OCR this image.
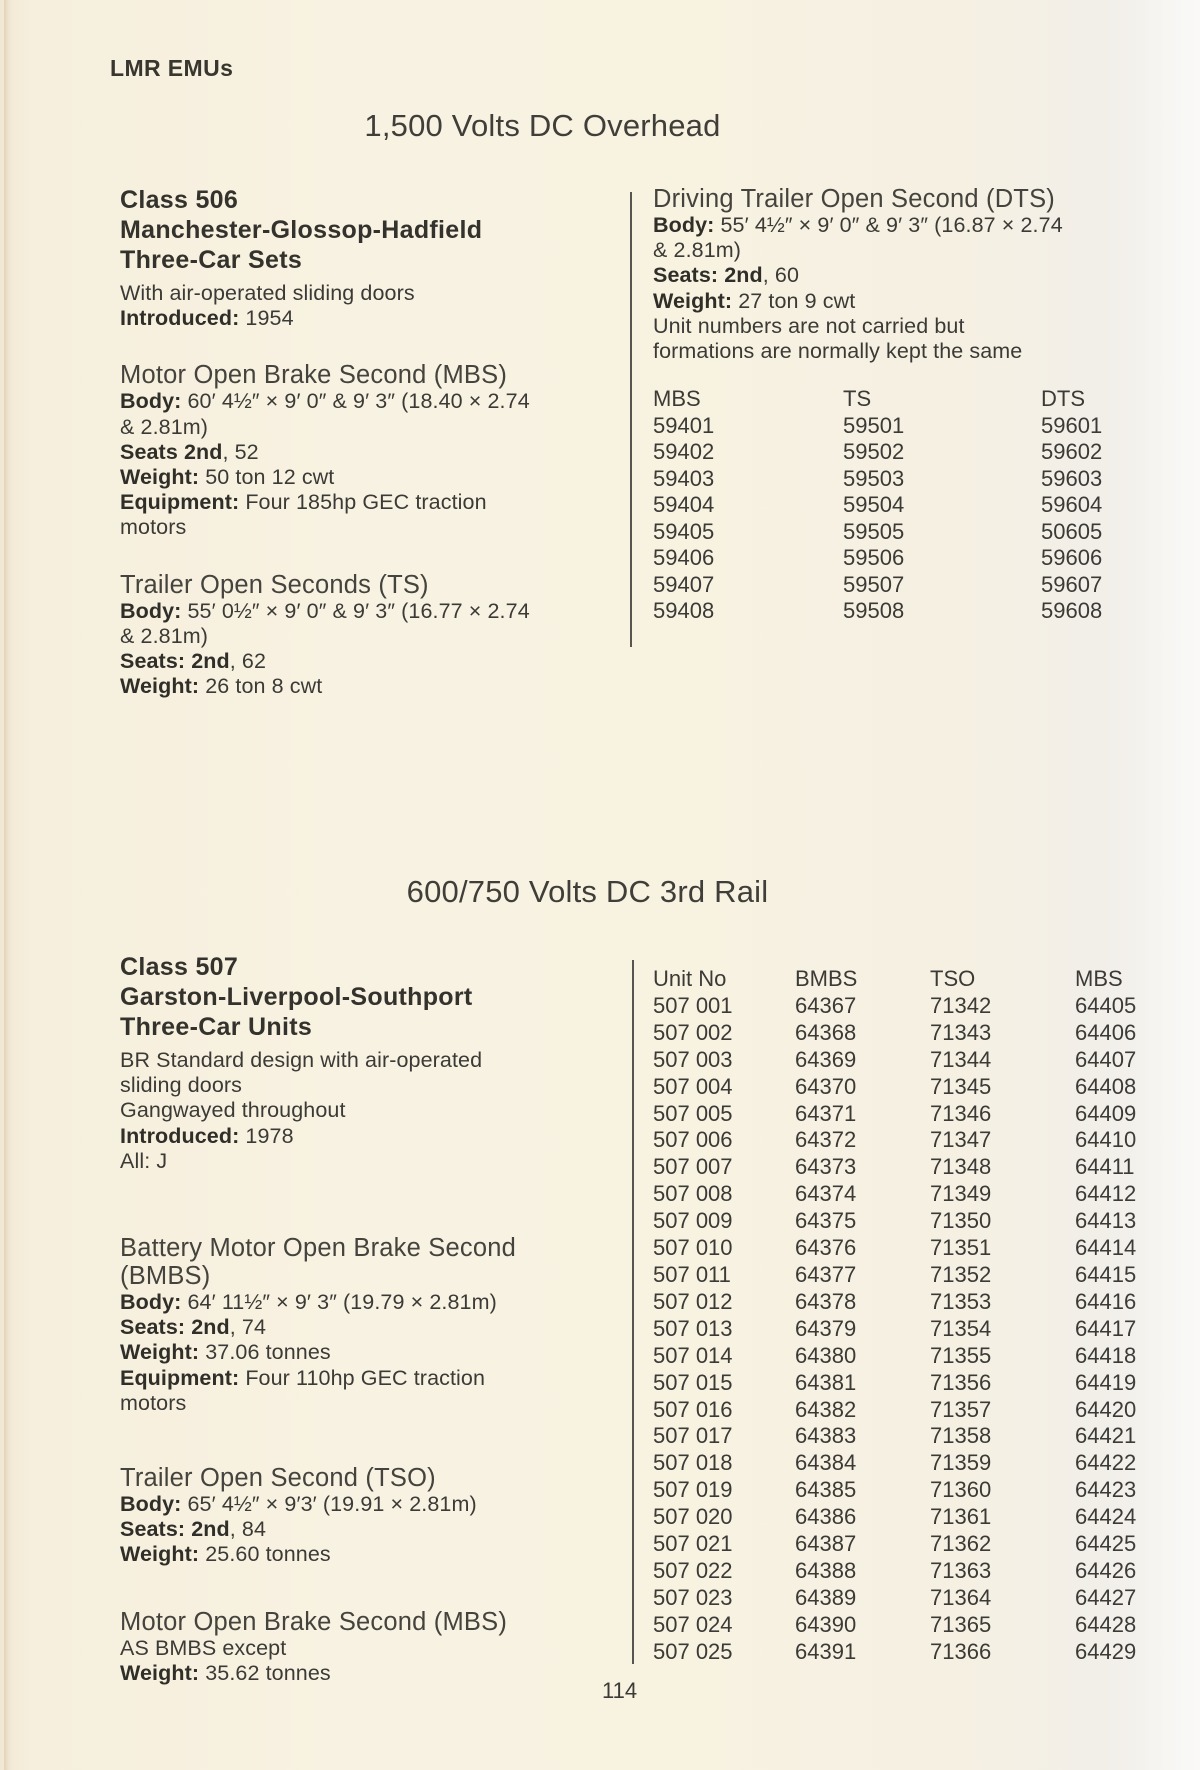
LMR EMUs
1,500 Volts DC Overhead
Class 506
Manchester-Glossop-Hadfield
Three-Car Sets
With air-operated sliding doors
Introduced: 1954
Motor Open Brake Second (MBS)
Body: 60′ 4½″ × 9′ 0″ & 9′ 3″ (18.40 × 2.74
& 2.81m)
Seats 2nd, 52
Weight: 50 ton 12 cwt
Equipment: Four 185hp GEC traction
motors
Trailer Open Seconds (TS)
Body: 55′ 0½″ × 9′ 0″ & 9′ 3″ (16.77 × 2.74
& 2.81m)
Seats: 2nd, 62
Weight: 26 ton 8 cwt
Driving Trailer Open Second (DTS)
Body: 55′ 4½″ × 9′ 0″ & 9′ 3″ (16.87 × 2.74
& 2.81m)
Seats: 2nd, 60
Weight: 27 ton 9 cwt
Unit numbers are not carried but
formations are normally kept the same
MBS	TS	DTS
59401	59501	59601
59402	59502	59602
59403	59503	59603
59404	59504	59604
59405	59505	50605
59406	59506	59606
59407	59507	59607
59408	59508	59608
600/750 Volts DC 3rd Rail
Class 507
Garston-Liverpool-Southport
Three-Car Units
BR Standard design with air-operated
sliding doors
Gangwayed throughout
Introduced: 1978
All: J
Battery Motor Open Brake Second
(BMBS)
Body: 64′ 11½″ × 9′ 3″ (19.79 × 2.81m)
Seats: 2nd, 74
Weight: 37.06 tonnes
Equipment: Four 110hp GEC traction
motors
Trailer Open Second (TSO)
Body: 65′ 4½″ × 9′3′ (19.91 × 2.81m)
Seats: 2nd, 84
Weight: 25.60 tonnes
Motor Open Brake Second (MBS)
AS BMBS except
Weight: 35.62 tonnes
Unit No	BMBS	TSO	MBS
507 001	64367	71342	64405
507 002	64368	71343	64406
507 003	64369	71344	64407
507 004	64370	71345	64408
507 005	64371	71346	64409
507 006	64372	71347	64410
507 007	64373	71348	64411
507 008	64374	71349	64412
507 009	64375	71350	64413
507 010	64376	71351	64414
507 011	64377	71352	64415
507 012	64378	71353	64416
507 013	64379	71354	64417
507 014	64380	71355	64418
507 015	64381	71356	64419
507 016	64382	71357	64420
507 017	64383	71358	64421
507 018	64384	71359	64422
507 019	64385	71360	64423
507 020	64386	71361	64424
507 021	64387	71362	64425
507 022	64388	71363	64426
507 023	64389	71364	64427
507 024	64390	71365	64428
507 025	64391	71366	64429
114
